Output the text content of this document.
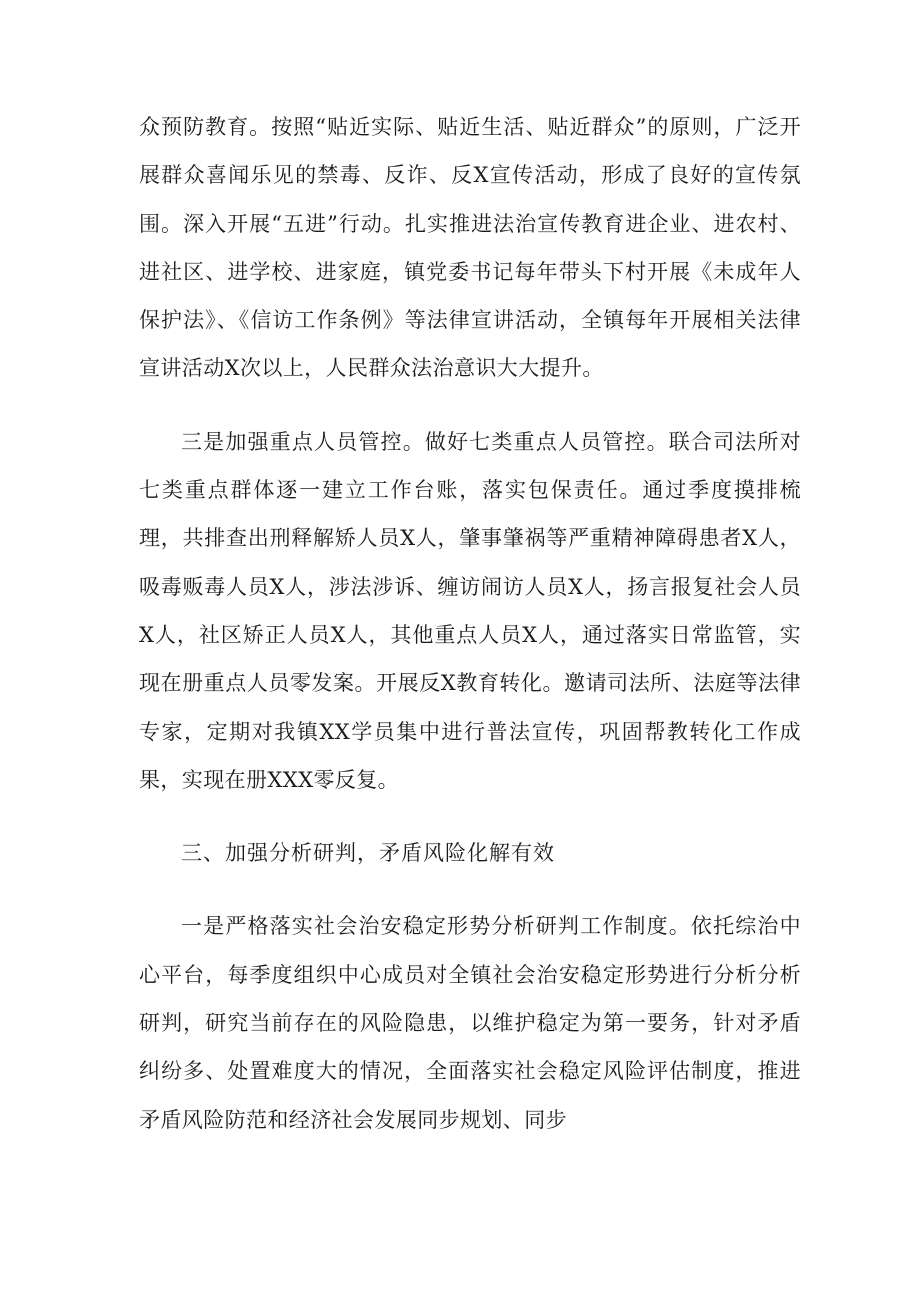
众预防教育。按照“贴近实际、贴近生活、贴近群众”的原则，广泛开展群众喜闻乐见的禁毒、反诈、反X宣传活动，形成了良好的宣传氛围。深入开展“五进”行动。扎实推进法治宣传教育进企业、进农村、进社区、进学校、进家庭，镇党委书记每年带头下村开展《未成年人保护法》、《信访工作条例》等法律宣讲活动，全镇每年开展相关法律宣讲活动X次以上，人民群众法治意识大大提升。

三是加强重点人员管控。做好七类重点人员管控。联合司法所对七类重点群体逐一建立工作台账，落实包保责任。通过季度摸排梳理，共排查出刑释解矫人员X人，肇事肇祸等严重精神障碍患者X人，吸毒贩毒人员X人，涉法涉诉、缠访闹访人员X人，扬言报复社会人员X人，社区矫正人员X人，其他重点人员X人，通过落实日常监管，实现在册重点人员零发案。开展反X教育转化。邀请司法所、法庭等法律专家，定期对我镇XX学员集中进行普法宣传，巩固帮教转化工作成果，实现在册XXX零反复。

三、加强分析研判，矛盾风险化解有效

一是严格落实社会治安稳定形势分析研判工作制度。依托综治中心平台，每季度组织中心成员对全镇社会治安稳定形势进行分析分析研判，研究当前存在的风险隐患，以维护稳定为第一要务，针对矛盾纠纷多、处置难度大的情况，全面落实社会稳定风险评估制度，推进矛盾风险防范和经济社会发展同步规划、同步
